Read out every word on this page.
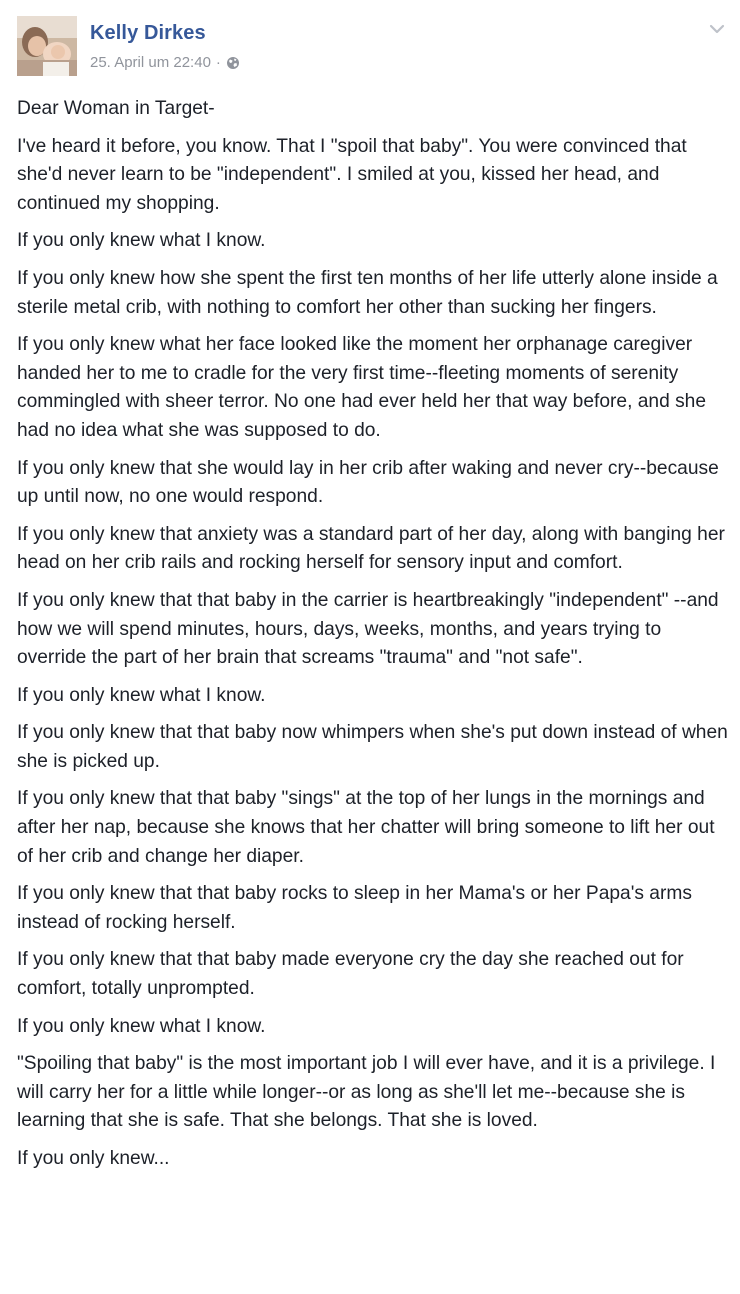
Kelly Dirkes
25. April um 22:40 ·

Dear Woman in Target-

I've heard it before, you know. That I "spoil that baby". You were convinced that she'd never learn to be "independent". I smiled at you, kissed her head, and continued my shopping.

If you only knew what I know.

If you only knew how she spent the first ten months of her life utterly alone inside a sterile metal crib, with nothing to comfort her other than sucking her fingers.

If you only knew what her face looked like the moment her orphanage caregiver handed her to me to cradle for the very first time--fleeting moments of serenity commingled with sheer terror. No one had ever held her that way before, and she had no idea what she was supposed to do.

If you only knew that she would lay in her crib after waking and never cry--because up until now, no one would respond.

If you only knew that anxiety was a standard part of her day, along with banging her head on her crib rails and rocking herself for sensory input and comfort.

If you only knew that that baby in the carrier is heartbreakingly "independent" --and how we will spend minutes, hours, days, weeks, months, and years trying to override the part of her brain that screams "trauma" and "not safe".

If you only knew what I know.

If you only knew that that baby now whimpers when she's put down instead of when she is picked up.

If you only knew that that baby "sings" at the top of her lungs in the mornings and after her nap, because she knows that her chatter will bring someone to lift her out of her crib and change her diaper.

If you only knew that that baby rocks to sleep in her Mama's or her Papa's arms instead of rocking herself.

If you only knew that that baby made everyone cry the day she reached out for comfort, totally unprompted.

If you only knew what I know.

"Spoiling that baby" is the most important job I will ever have, and it is a privilege. I will carry her for a little while longer--or as long as she'll let me--because she is learning that she is safe. That she belongs. That she is loved.

If you only knew...
